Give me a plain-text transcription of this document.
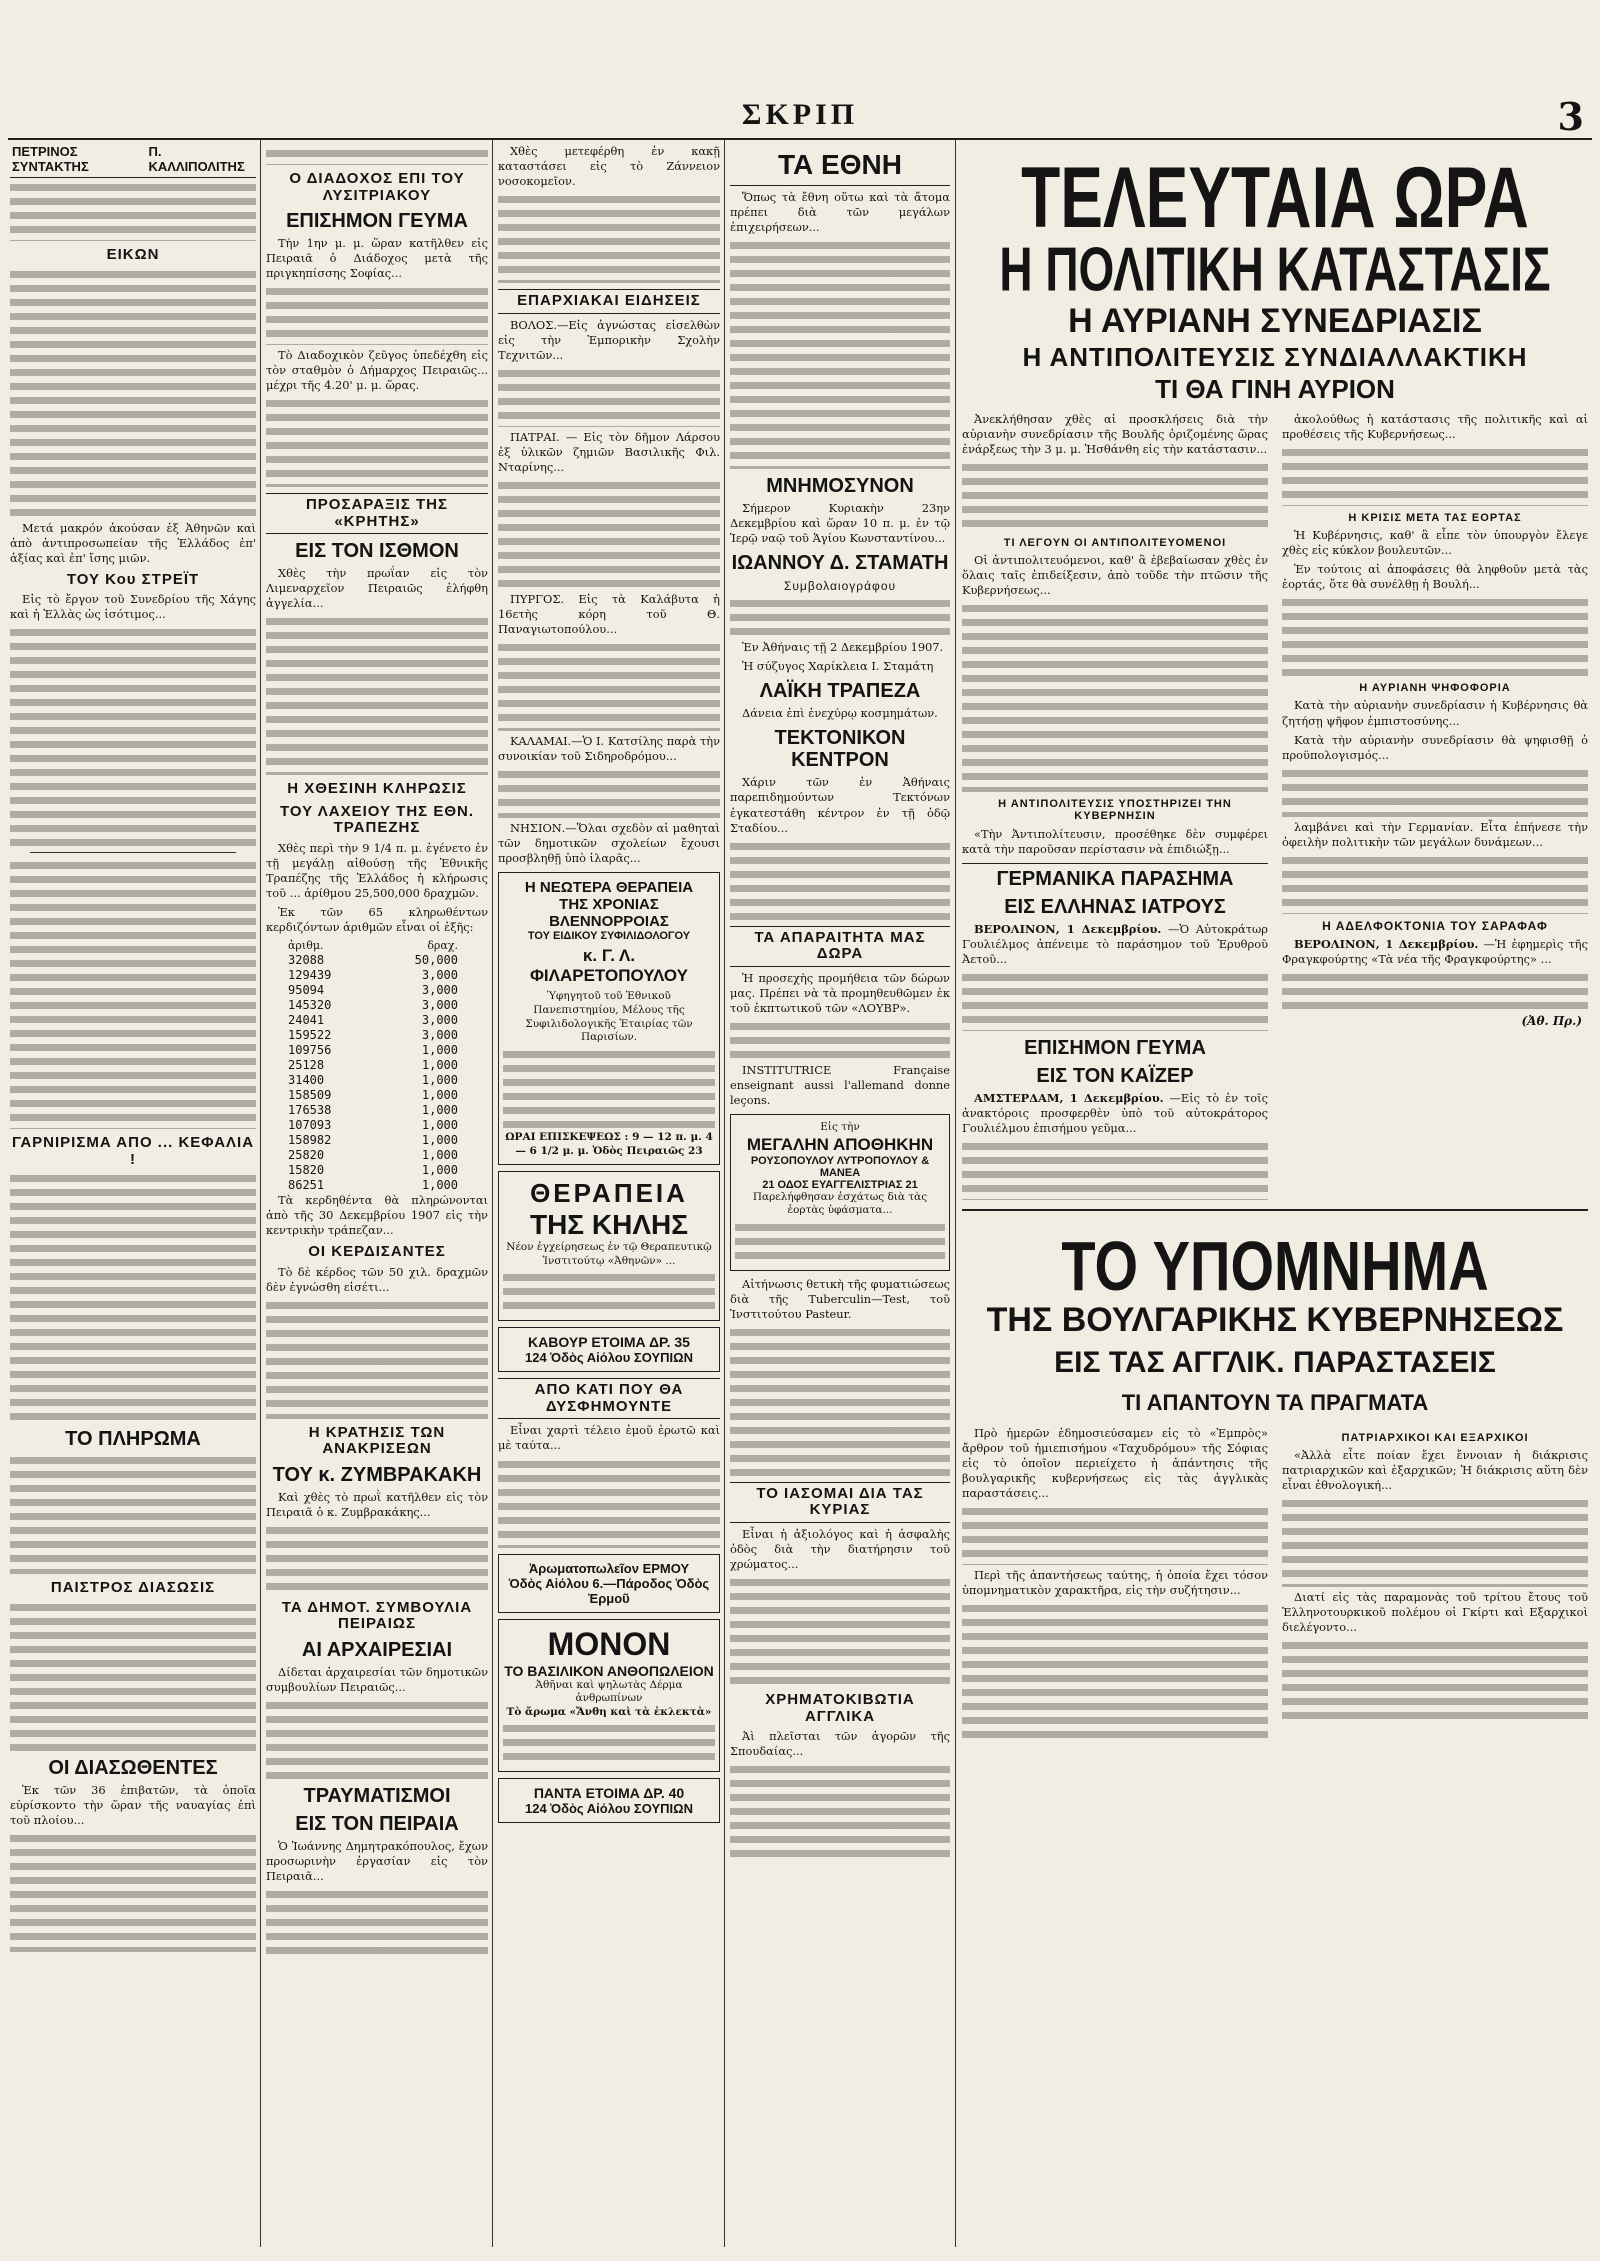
ΣΚΡΙΠ	3
ΠΕΤΡΙΝΟΣ ΣΥΝΤΑΚΤΗΣ
Π. ΚΑΛΛΙΠΟΛΙΤΗΣ
ΕΙΚΩΝ

Μετά μακρόν ἀκούσαν ἐξ Ἀθηνῶν καὶ ἀπὸ ἀντιπροσωπείαν τῆς Ἑλλάδος ἐπ' ἀξίας καὶ ἐπ' ἴσης μιῶν.

ΤΟΥ Κου ΣΤΡΕΪΤ

Εἰς τὸ ἔργον τοῦ Συνεδρίου τῆς Χάγης καὶ ἡ Ἑλλὰς ὡς ἰσότιμος...

ΓΑΡΝΙΡΙΣΜΑ ΑΠΟ ... ΚΕΦΑΛΙΑ !
ΤΟ ΠΛΗΡΩΜΑ
ΠΑΙΣΤΡΟΣ ΔΙΑΣΩΣΙΣ
ΟΙ ΔΙΑΣΩΘΕΝΤΕΣ

Ἐκ τῶν 36 ἐπιβατῶν, τὰ ὁποῖα εὑρίσκοντο τὴν ὥραν τῆς ναυαγίας ἐπὶ τοῦ πλοίου...

Ο ΔΙΑΔΟΧΟΣ ΕΠΙ ΤΟΥ ΛΥΣΙΤΡΙΑΚΟΥ
ΕΠΙΣΗΜΟΝ ΓΕΥΜΑ

Τὴν 1ην μ. μ. ὥραν κατῆλθεν εἰς Πειραιᾶ ὁ Διάδοχος μετὰ τῆς πριγκηπίσσης Σοφίας...

Τὸ Διαδοχικὸν ζεῦγος ὑπεδέχθη εἰς τὸν σταθμὸν ὁ Δήμαρχος Πειραιῶς... μέχρι τῆς 4.20' μ. μ. ὥρας.

ΠΡΟΣΑΡΑΞΙΣ ΤΗΣ «ΚΡΗΤΗΣ»
ΕΙΣ ΤΟΝ ΙΣΘΜΟΝ

Χθὲς τὴν πρωΐαν εἰς τὸν Λιμεναρχεῖον Πειραιῶς ἐλήφθη ἀγγελία...

Η ΧΘΕΣΙΝΗ ΚΛΗΡΩΣΙΣ
ΤΟΥ ΛΑΧΕΙΟΥ ΤΗΣ ΕΘΝ. ΤΡΑΠΕΖΗΣ

Χθὲς περὶ τὴν 9 1/4 π. μ. ἐγένετο ἐν τῇ μεγάλῃ αἰθούσῃ τῆς Ἐθνικῆς Τραπέζης τῆς Ἑλλάδος ἡ κλήρωσις τοῦ ... ἀρίθμου 25,500,000 δραχμῶν.

Ἐκ τῶν 65 κληρωθέντων κερδιζόντων ἀριθμῶν εἶναι οἱ ἑξῆς:

ἀριθμ.	δραχ.
32088	50,000
129439	3,000
95094	3,000
145320	3,000
24041	3,000
159522	3,000
109756	1,000
25128	1,000
31400	1,000
158509	1,000
176538	1,000
107093	1,000
158982	1,000
25820	1,000
15820	1,000
86251	1,000

Τὰ κερδηθέντα θὰ πληρώνονται ἀπὸ τῆς 30 Δεκεμβρίου 1907 εἰς τὴν κεντρικὴν τράπεζαν...

ΟΙ ΚΕΡΔΙΣΑΝΤΕΣ

Τὸ δὲ κέρδος τῶν 50 χιλ. δραχμῶν δὲν ἐγνώσθη εἰσέτι...

Η ΚΡΑΤΗΣΙΣ ΤΩΝ ΑΝΑΚΡΙΣΕΩΝ
ΤΟΥ κ. ΖΥΜΒΡΑΚΑΚΗ

Καὶ χθὲς τὸ πρωῒ κατῆλθεν εἰς τὸν Πειραιᾶ ὁ κ. Ζυμβρακάκης...

ΤΑ ΔΗΜΟΤ. ΣΥΜΒΟΥΛΙΑ ΠΕΙΡΑΙΩΣ
ΑΙ ΑΡΧΑΙΡΕΣΙΑΙ

Δίδεται ἀρχαιρεσίαι τῶν δημοτικῶν συμβουλίων Πειραιῶς...

ΤΡΑΥΜΑΤΙΣΜΟΙ
ΕΙΣ ΤΟΝ ΠΕΙΡΑΙΑ

Ὁ Ἰωάννης Δημητρακόπουλος, ἔχων προσωρινὴν ἐργασίαν εἰς τὸν Πειραιᾶ...

Χθὲς μετεφέρθη ἐν κακῇ καταστάσει εἰς τὸ Ζάννειον νοσοκομεῖον.

ΕΠΑΡΧΙΑΚΑΙ ΕΙΔΗΣΕΙΣ

ΒΟΛΟΣ.—Εἰς ἀγνώστας εἰσελθὼν εἰς τὴν Ἐμπορικὴν Σχολὴν Τεχνιτῶν...

ΠΑΤΡΑΙ. — Εἰς τὸν δῆμον Λάρσου ἐξ ὑλικῶν ζημιῶν Βασιλικῆς Φιλ. Νταρίνης...

ΠΥΡΓΟΣ. Εἰς τὰ Καλάβυτα ἡ 16ετὴς κόρη τοῦ Θ. Παναγιωτοπούλου...

ΚΑΛΑΜΑΙ.—Ὁ Ι. Κατσίλης παρὰ τὴν συνοικίαν τοῦ Σιδηροδρόμου...

ΝΗΣΙΟΝ.—Ὅλαι σχεδὸν αἱ μαθηταὶ τῶν δημοτικῶν σχολείων ἔχουσι προσβληθῇ ὑπὸ ἰλαρᾶς...

Η ΝΕΩΤΕΡΑ ΘΕΡΑΠΕΙΑ
ΤΗΣ ΧΡΟΝΙΑΣ ΒΛΕΝΝΟΡΡΟΙΑΣ
ΤΟΥ ΕΙΔΙΚΟΥ ΣΥΦΙΛΙΔΟΛΟΓΟΥ
κ. Γ. Λ. ΦΙΛΑΡΕΤΟΠΟΥΛΟΥ
Ὑφηγητοῦ τοῦ Ἐθνικοῦ Πανεπιστημίου, Μέλους τῆς Συφιλιδολογικῆς Ἑταιρίας τῶν Παρισίων.
ΩΡΑΙ ΕΠΙΣΚΕΨΕΩΣ : 9 — 12 π. μ. 4 — 6 1/2 μ. μ. Ὁδὸς Πειραιῶς 23
ΘΕΡΑΠΕΙΑ
ΤΗΣ ΚΗΛΗΣ
Νέον ἐγχείρησεως ἐν τῷ Θεραπευτικῷ Ἰνστιτούτῳ «Ἀθηνῶν» ...
ΚΑΒΟΥΡ ΕΤΟΙΜΑ ΔΡ. 35
124 Ὁδὸς Αἰόλου ΣΟΥΠΙΩΝ
ΑΠΟ ΚΑΤΙ ΠΟΥ ΘΑ ΔΥΣΦΗΜΟΥΝΤΕ

Εἶναι χαρτὶ τέλειο ἐμοῦ ἐρωτῶ καὶ μὲ ταύτα...

Ἀρωματοπωλεῖον ΕΡΜΟΥ
Ὁδὸς Αἰόλου 6.—Πάροδος Ὁδὸς Ἑρμοῦ
ΜΟΝΟΝ
ΤΟ ΒΑΣΙΛΙΚΟΝ ΑΝΘΟΠΩΛΕΙΟΝ
Ἀθῆναι καὶ ψηλωτὰς Δέρμα ἀνθρωπίνων
Τὸ ἄρωμα «Ἄνθη καὶ τὰ ἐκλεκτὰ»
ΠΑΝΤΑ ΕΤΟΙΜΑ ΔΡ. 40
124 Ὁδὸς Αἰόλου ΣΟΥΠΙΩΝ
ΤΑ ΕΘΝΗ

Ὅπως τὰ ἔθνη οὕτω καὶ τὰ ἄτομα πρέπει διὰ τῶν μεγάλων ἐπιχειρήσεων...

ΜΝΗΜΟΣΥΝΟΝ

Σήμερον Κυριακὴν 23ην Δεκεμβρίου καὶ ὥραν 10 π. μ. ἐν τῷ Ἱερῷ ναῷ τοῦ Ἁγίου Κωνσταντίνου...

ΙΩΑΝΝΟΥ Δ. ΣΤΑΜΑΤΗ
Συμβολαιογράφου

Ἐν Ἀθήναις τῇ 2 Δεκεμβρίου 1907.

Ἡ σύζυγος Χαρίκλεια Ι. Σταμάτη

ΛΑΪΚΗ ΤΡΑΠΕΖΑ

Δάνεια ἐπὶ ἐνεχύρῳ κοσμημάτων.

ΤΕΚΤΟΝΙΚΟΝ ΚΕΝΤΡΟΝ

Χάριν τῶν ἐν Ἀθήναις παρεπιδημούντων Τεκτόνων ἐγκατεστάθη κέντρον ἐν τῇ ὁδῷ Σταδίου...

ΤΑ ΑΠΑΡΑΙΤΗΤΑ ΜΑΣ ΔΩΡΑ

Ἡ προσεχὴς προμήθεια τῶν δώρων μας. Πρέπει νὰ τὰ προμηθευθῶμεν ἐκ τοῦ ἐκπτωτικοῦ τῶν «ΛΟΥΒΡ».

INSTITUTRICE Française enseignant aussi l'allemand donne leçons.

Εἰς τὴν
ΜΕΓΑΛΗΝ ΑΠΟΘΗΚΗΝ
ΡΟΥΣΟΠΟΥΛΟΥ ΛΥΤΡΟΠΟΥΛΟΥ & ΜΑΝΕΑ
21 ΟΔΟΣ ΕΥΑΓΓΕΛΙΣΤΡΙΑΣ 21
Παρελήφθησαν ἐσχάτως διὰ τὰς ἑορτὰς ὑφάσματα...

Αἰτήνωσις θετικὴ τῆς φυματιώσεως διὰ τῆς Tuberculin—Test, τοῦ Ἰνστιτούτου Pasteur.

ΤΟ ΙΑΣΟΜΑΙ ΔΙΑ ΤΑΣ ΚΥΡΙΑΣ

Εἶναι ἡ ἀξιολόγος καὶ ἡ ἀσφαλὴς ὁδὸς διὰ τὴν διατήρησιν τοῦ χρώματος...

ΧΡΗΜΑΤΟΚΙΒΩΤΙΑ ΑΓΓΛΙΚΑ

Ἀὶ πλεῖσται τῶν ἀγορῶν τῆς Σπουδαίας...

ΤΕΛΕΥΤΑΙΑ ΩΡΑ
Η ΠΟΛΙΤΙΚΗ ΚΑΤΑΣΤΑΣΙΣ
Η ΑΥΡΙΑΝΗ ΣΥΝΕΔΡΙΑΣΙΣ
Η ΑΝΤΙΠΟΛΙΤΕΥΣΙΣ ΣΥΝΔΙΑΛΛΑΚΤΙΚΗ
ΤΙ ΘΑ ΓΙΝΗ ΑΥΡΙΟΝ

Ἀνεκλήθησαν χθὲς αἱ προσκλήσεις διὰ τὴν αὐριανὴν συνεδρίασιν τῆς Βουλῆς ὁριζομένης ὥρας ἐνάρξεως τὴν 3 μ. μ. Ἠσθάνθη εἰς τὴν κατάστασιν...

ΤΙ ΛΕΓΟΥΝ ΟΙ ΑΝΤΙΠΟΛΙΤΕΥΟΜΕΝΟΙ

Οἱ ἀντιπολιτευόμενοι, καθ' ἃ ἐβεβαίωσαν χθὲς ἐν ὅλαις ταῖς ἐπιδείξεσιν, ἀπὸ τοῦδε τὴν πτῶσιν τῆς Κυβερνήσεως...

Η ΑΝΤΙΠΟΛΙΤΕΥΣΙΣ ΥΠΟΣΤΗΡΙΖΕΙ ΤΗΝ ΚΥΒΕΡΝΗΣΙΝ

«Τὴν Ἀντιπολίτευσιν, προσέθηκε δὲν συμφέρει κατὰ τὴν παροῦσαν περίστασιν νὰ ἐπιδιώξῃ...

ΓΕΡΜΑΝΙΚΑ ΠΑΡΑΣΗΜΑ
ΕΙΣ ΕΛΛΗΝΑΣ ΙΑΤΡΟΥΣ

ΒΕΡΟΛΙΝΟΝ, 1 Δεκεμβρίου. —Ὁ Αὐτοκράτωρ Γουλιέλμος ἀπένειμε τὸ παράσημον τοῦ Ἐρυθροῦ Ἀετοῦ...

ΕΠΙΣΗΜΟΝ ΓΕΥΜΑ
ΕΙΣ ΤΟΝ ΚΑΪΖΕΡ

ΑΜΣΤΕΡΔΑΜ, 1 Δεκεμβρίου. —Εἰς τὸ ἐν τοῖς ἀνακτόροις προσφερθὲν ὑπὸ τοῦ αὐτοκράτορος Γουλιέλμου ἐπισήμου γεῦμα...

ἀκολούθως ἡ κατάστασις τῆς πολιτικῆς καὶ αἱ προθέσεις τῆς Κυβερνήσεως...

Η ΚΡΙΣΙΣ ΜΕΤΑ ΤΑΣ ΕΟΡΤΑΣ

Ἡ Κυβέρνησις, καθ' ἃ εἶπε τὸν ὑπουργὸν ἔλεγε χθὲς εἰς κύκλον βουλευτῶν...

Ἐν τούτοις αἱ ἀποφάσεις θὰ ληφθοῦν μετὰ τὰς ἑορτάς, ὅτε θὰ συνέλθῃ ἡ Βουλή...

Η ΑΥΡΙΑΝΗ ΨΗΦΟΦΟΡΙΑ

Κατὰ τὴν αὐριανὴν συνεδρίασιν ἡ Κυβέρνησις θὰ ζητήσῃ ψῆφον ἐμπιστοσύνης...

Κατὰ τὴν αὐριανὴν συνεδρίασιν θὰ ψηφισθῇ ὁ προϋπολογισμός...

λαμβάνει καὶ τὴν Γερμανίαν. Εἶτα ἐπήνεσε τὴν ὀφειλὴν πολιτικὴν τῶν μεγάλων δυνάμεων...

Η ΑΔΕΛΦΟΚΤΟΝΙΑ ΤΟΥ ΣΑΡΑΦΑΦ

ΒΕΡΟΛΙΝΟΝ, 1 Δεκεμβρίου. —Ἡ ἐφημερὶς τῆς Φραγκφούρτης «Τὰ νέα τῆς Φραγκφούρτης» ...

(Ἀθ. Πρ.)
ΤΟ ΥΠΟΜΝΗΜΑ
ΤΗΣ ΒΟΥΛΓΑΡΙΚΗΣ ΚΥΒΕΡΝΗΣΕΩΣ
ΕΙΣ ΤΑΣ ΑΓΓΛΙΚ. ΠΑΡΑΣΤΑΣΕΙΣ
ΤΙ ΑΠΑΝΤΟΥΝ ΤΑ ΠΡΑΓΜΑΤΑ

Πρὸ ἡμερῶν ἐδημοσιεύσαμεν εἰς τὸ «Ἐμπρὸς» ἄρθρον τοῦ ἡμιεπισήμου «Ταχυδρόμου» τῆς Σόφιας εἰς τὸ ὁποῖον περιείχετο ἡ ἀπάντησις τῆς βουλγαρικῆς κυβερνήσεως εἰς τὰς ἀγγλικὰς παραστάσεις...

Περὶ τῆς ἀπαντήσεως ταύτης, ἡ ὁποία ἔχει τόσον ὑπομνηματικὸν χαρακτῆρα, εἰς τὴν συζήτησιν...

ΠΑΤΡΙΑΡΧΙΚΟΙ ΚΑΙ ΕΞΑΡΧΙΚΟΙ

«Ἀλλὰ εἶτε ποίαν ἔχει ἔννοιαν ἡ διάκρισις πατριαρχικῶν καὶ ἐξαρχικῶν; Ἡ διάκρισις αὕτη δὲν εἶναι ἐθνολογική...

Διατί εἰς τὰς παραμονὰς τοῦ τρίτου ἔτους τοῦ Ἑλληνοτουρκικοῦ πολέμου οἱ Γκίρτι καὶ Εξαρχικοὶ διελέγοντο...
